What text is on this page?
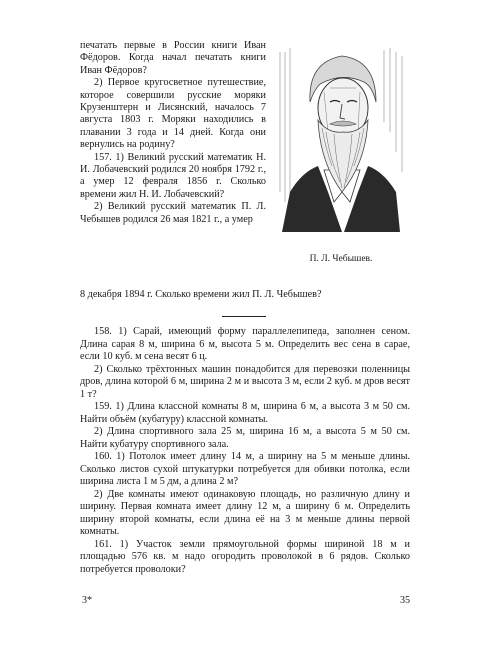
печатать первые в России книги Иван Фёдоров. Когда начал печатать книги Иван Фёдоров?

2) Первое кругосветное путешествие, которое совершили русские моряки Крузенштерн и Лисянский, началось 7 августа 1803 г. Моряки находились в плавании 3 года и 14 дней. Когда они вернулись на родину?

157. 1) Великий русский математик Н. И. Лобачевский родился 20 ноября 1792 г., а умер 12 февраля 1856 г. Сколько времени жил Н. И. Лобачевский?

2) Великий русский математик П. Л. Чебышев родился 26 мая 1821 г., а умер

П. Л. Чебышев.

8 декабря 1894 г. Сколько времени жил П. Л. Чебышев?

158. 1) Сарай, имеющий форму параллелепипеда, заполнен сеном. Длина сарая 8 м, ширина 6 м, высота 5 м. Определить вес сена в сарае, если 10 куб. м сена весят 6 ц.

2) Сколько трёхтонных машин понадобится для перевозки поленницы дров, длина которой 6 м, ширина 2 м и высота 3 м, если 2 куб. м дров весят 1 т?

159. 1) Длина классной комнаты 8 м, ширина 6 м, а высота 3 м 50 см. Найти объём (кубатуру) классной комнаты.

2) Длина спортивного зала 25 м, ширина 16 м, а высота 5 м 50 см. Найти кубатуру спортивного зала.

160. 1) Потолок имеет длину 14 м, а ширину на 5 м меньше длины. Сколько листов сухой штукатурки потребуется для обивки потолка, если ширина листа 1 м 5 дм, а длина 2 м?

2) Две комнаты имеют одинаковую площадь, но различную длину и ширину. Первая комната имеет длину 12 м, а ширину 6 м. Определить ширину второй комнаты, если длина её на 3 м меньше длины первой комнаты.

161. 1) Участок земли прямоугольной формы шириной 18 м и площадью 576 кв. м надо огородить проволокой в 6 рядов. Сколько потребуется проволоки?

3*	35
